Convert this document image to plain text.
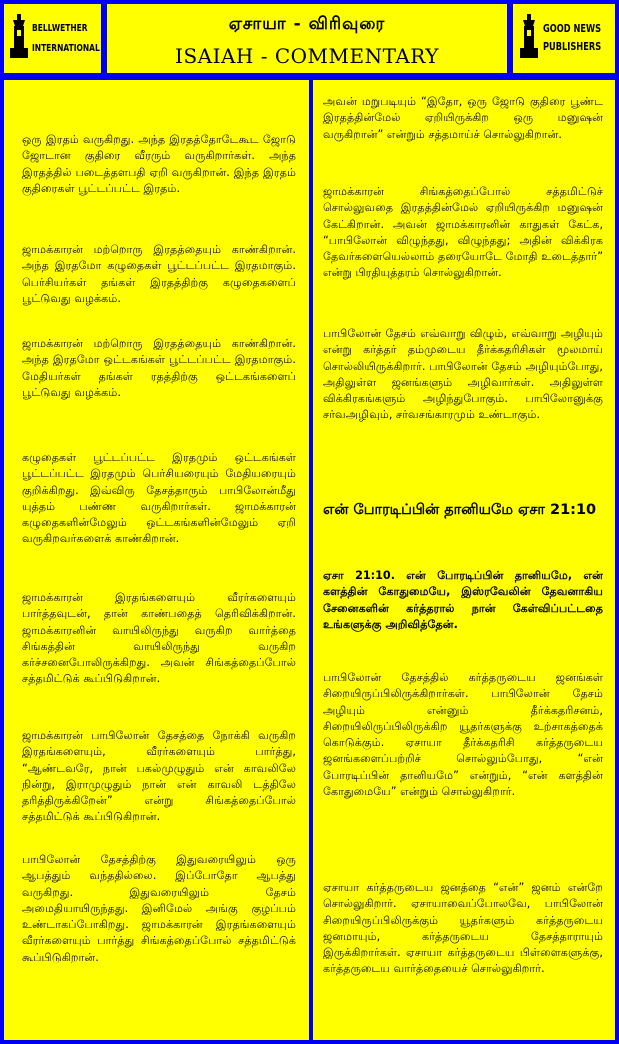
BELLWETHER
INTERNATIONAL
ஏசாயா - விரிவுரை
ISAIAH - COMMENTARY
GOOD NEWS
PUBLISHERS

ஒரு இரதம் வருகிறது. அந்த இரதத்தோடேகூட ஜோடு ஜோடான குதிரை வீரரும் வருகிறார்கள். அந்த இரதத்தில் படைத்தளபதி ஏறி வருகிறான். இந்த இரதம் குதிரைகள் பூட்டப்பட்ட இரதம்.

ஜாமக்காரன் மற்றொரு இரதத்தையும் காண்கிறான். அந்த இரதமோ கழுதைகள் பூட்டப்பட்ட இரதமாகும். பெர்சியர்கள் தங்கள் இரதத்திற்கு கழுதைகளைப் பூட்டுவது வழக்கம்.

ஜாமக்காரன் மற்றொரு இரதத்தையும் காண்கிறான். அந்த இரதமோ ஒட்டகங்கள் பூட்டப்பட்ட இரதமாகும். மேதியர்கள் தங்கள் ரதத்திற்கு ஒட்டகங்களைப் பூட்டுவது வழக்கம்.

கழுதைகள் பூட்டப்பட்ட இரதமும் ஒட்டகங்கள் பூட்டப்பட்ட இரதமும் பெர்சியரையும் மேதியரையும் குறிக்கிறது. இவ்விரு தேசத்தாரும் பாபிலோன்மீது யுத்தம் பண்ண வருகிறார்கள். ஜாமக்காரன் கழுதைகளின்மேலும் ஒட்டகங்களின்மேலும் ஏறி வருகிறவர்களைக் காண்கிறான்.

ஜாமக்காரன் இரதங்களையும் வீரர்களையும் பார்த்தவுடன், தான் காண்பதைத் தெரிவிக்கிறான். ஜாமக்காரனின் வாயிலிருந்து வருகிற வார்த்தை சிங்கத்தின் வாயிலிருந்து வருகிற கர்ச்சனைபோலிருக்கிறது. அவன் சிங்கத்தைப்போல் சத்தமிட்டுக் கூப்பிடுகிறான்.

ஜாமக்காரன் பாபிலோன் தேசத்தை நோக்கி வருகிற இரதங்களையும், வீரர்களையும் பார்த்து, “ஆண்டவரே, நான் பகல்முழுதும் என் காவலிலே நின்று, இராமுழுதும் நான் என் காவலி டத்திலே தரித்திருக்கிறேன்” என்று சிங்கத்தைப்போல் சத்தமிட்டுக் கூப்பிடுகிறான்.

பாபிலோன் தேசத்திற்கு இதுவரையிலும் ஒரு ஆபத்தும் வந்ததில்லை. இப்போதோ ஆபத்து வருகிறது. இதுவரையிலும் தேசம் அமைதியாயிருந்தது. இனிமேல் அங்கு குழப்பம் உண்டாகப்போகிறது. ஜாமக்காரன் இரதங்களையும் வீரர்களையும் பார்த்து சிங்கத்தைப்போல் சத்தமிட்டுக் கூப்பிடுகிறான்.

அவன் மறுபடியும் “இதோ, ஒரு ஜோடு குதிரை பூண்ட இரதத்தின்மேல் ஏறியிருக்கிற ஒரு மனுஷன் வருகிறான்” என்றும் சத்தமாய்ச் சொல்லுகிறான்.

ஜாமக்காரன் சிங்கத்தைப்போல் சத்தமிட்டுச் சொல்லுவதை இரதத்தின்மேல் ஏறியிருக்கிற மனுஷன் கேட்கிறான். அவன் ஜாமக்காரனின் காதுகள் கேட்க, “பாபிலோன் விழுந்தது, விழுந்தது; அதின் விக்கிரக தேவர்களையெல்லாம் தரையோடே மோதி உடைத்தார்” என்று பிரதியுத்தரம் சொல்லுகிறான்.

பாபிலோன் தேசம் எவ்வாறு விழும், எவ்வாறு அழியும் என்று கர்த்தர் தம்முடைய தீர்க்கதரிசிகள் மூலமாய் சொல்லியிருக்கிறார். பாபிலோன் தேசம் அழியும்போது, அதிலுள்ள ஜனங்களும் அழிவார்கள். அதிலுள்ள விக்கிரகங்களும் அழிந்துபோகும். பாபிலோனுக்கு சர்வஅழிவும், சர்வசங்காரமும் உண்டாகும்.

என் போரடிப்பின் தானியமே ஏசா 21:10

ஏசா 21:10. என் போரடிப்பின் தானியமே, என் களத்தின் கோதுமையே, இஸ்ரவேலின் தேவனாகிய சேனைகளின் கர்த்தரால் நான் கேள்விப்பட்டதை உங்களுக்கு அறிவித்தேன்.

பாபிலோன் தேசத்தில் கர்த்தருடைய ஜனங்கள் சிறையிருப்பிலிருக்கிறார்கள். பாபிலோன் தேசம் அழியும் என்னும் தீர்க்கதரிசனம், சிறையிலிருப்பிலிருக்கிற யூதர்களுக்கு உற்சாகத்தைக் கொடுக்கும். ஏசாயா தீர்க்கதரிசி கர்த்தருடைய ஜனங்களைப்பற்றிச் சொல்லும்போது, “என் போரடிப்பின் தானியமே” என்றும், “என் களத்தின் கோதுமையே” என்றும் சொல்லுகிறார்.

ஏசாயா கர்த்தருடைய ஜனத்தை “என்” ஜனம் என்றே சொல்லுகிறார். ஏசாயாவைப்போலவே, பாபிலோன் சிறையிருப்பிலிருக்கும் யூதர்களும் கர்த்தருடைய ஜனமாயும், கர்த்தருடைய தேசத்தாராயும் இருக்கிறார்கள். ஏசாயா கர்த்தருடைய பிள்ளைகளுக்கு, கர்த்தருடைய வார்த்தையைச் சொல்லுகிறார்.
